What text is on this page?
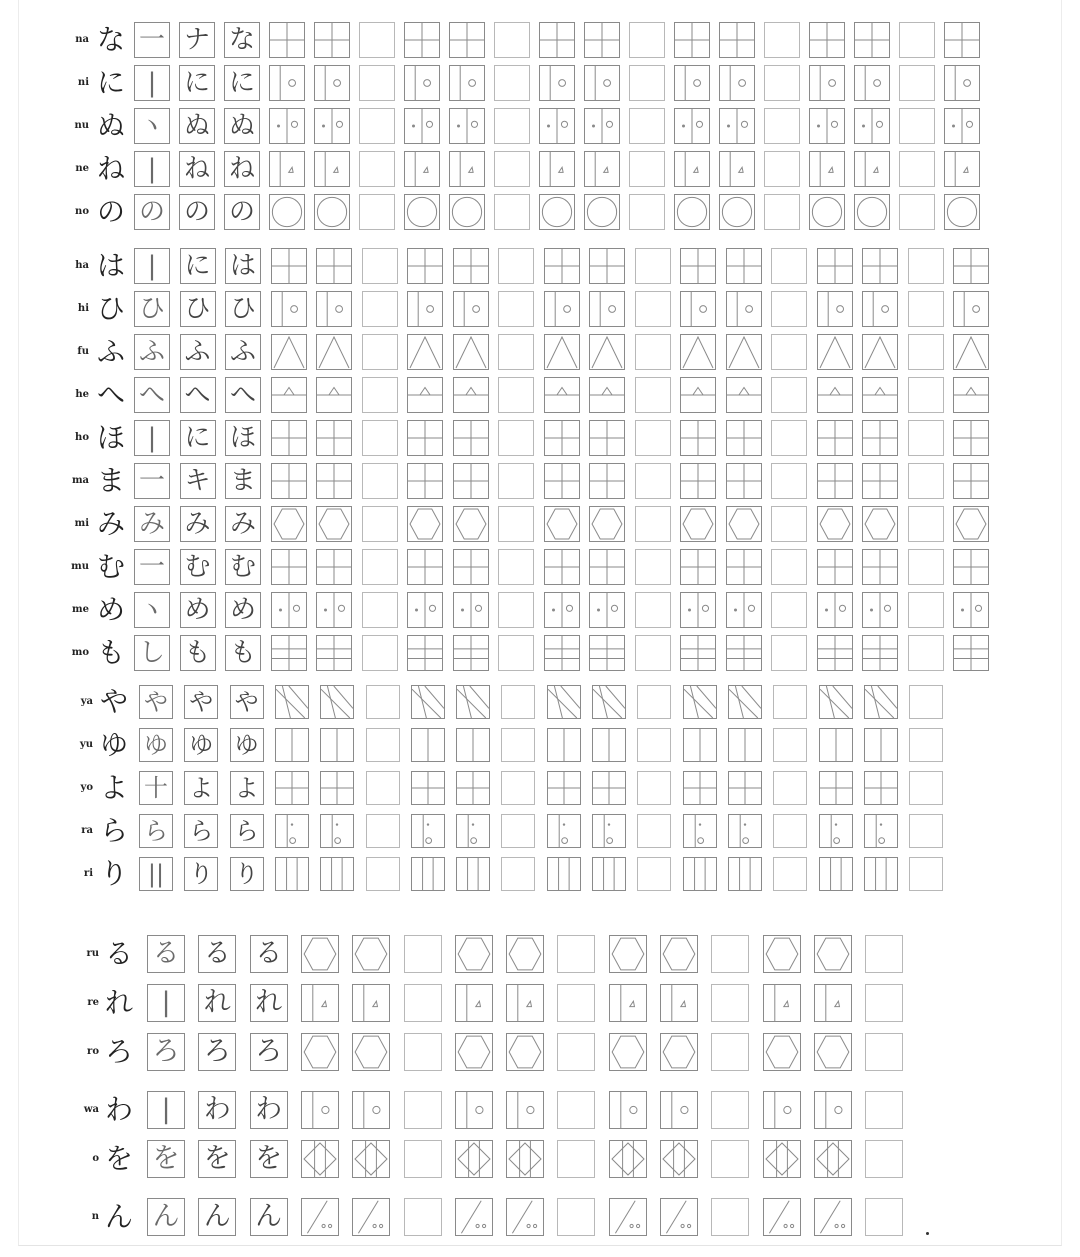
na な 一 ナ な
ni に |	に に
nu ぬ ヽ ぬ ぬ
ne ね |	ね ね
no の の の の
ha は |	に は
hi ひ ひ ひ ひ
fu ふ ふ ふ ふ
he へ へ へ へ
ho ほ |	に ほ
ma ま 一 キ ま
mi み み み み
mu む 一 む む
me め ヽ め め
mo も し も も
ya や や や や
yu ゆ ゆ ゆ ゆ
yo よ 十 よ よ
ra ら ら ら ら
ri り ||	り り
ru る る る る
re れ	|	れ れ
ro ろ ろ ろ ろ
wa わ	|	わ わ
o を を を を
n ん ん ん ん
